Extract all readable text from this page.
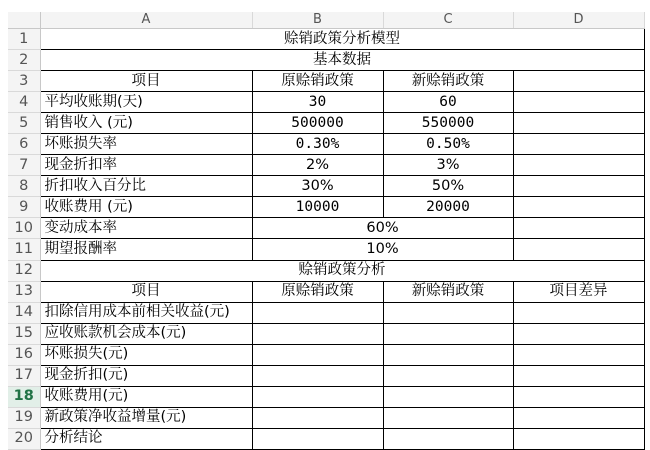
	A	B	C	D
1	赊销政策分析模型			
2	基本数据			
3	项目	原赊销政策	新赊销政策	
4	平均收账期(天)	30	60	
5	销售收入 (元)	500000	550000	
6	坏账损失率	0.30%	0.50%	
7	现金折扣率	2%	3%	
8	折扣收入百分比	30%	50%	
9	收账费用 (元)	10000	20000	
10	变动成本率	60%		
11	期望报酬率	10%		
12	赊销政策分析			
13	项目	原赊销政策	新赊销政策	项目差异
14	扣除信用成本前相关收益(元)			
15	应收账款机会成本(元)			
16	坏账损失(元)			
17	现金折扣(元)			
18	收账费用(元)			
19	新政策净收益增量(元)			
20	分析结论			
